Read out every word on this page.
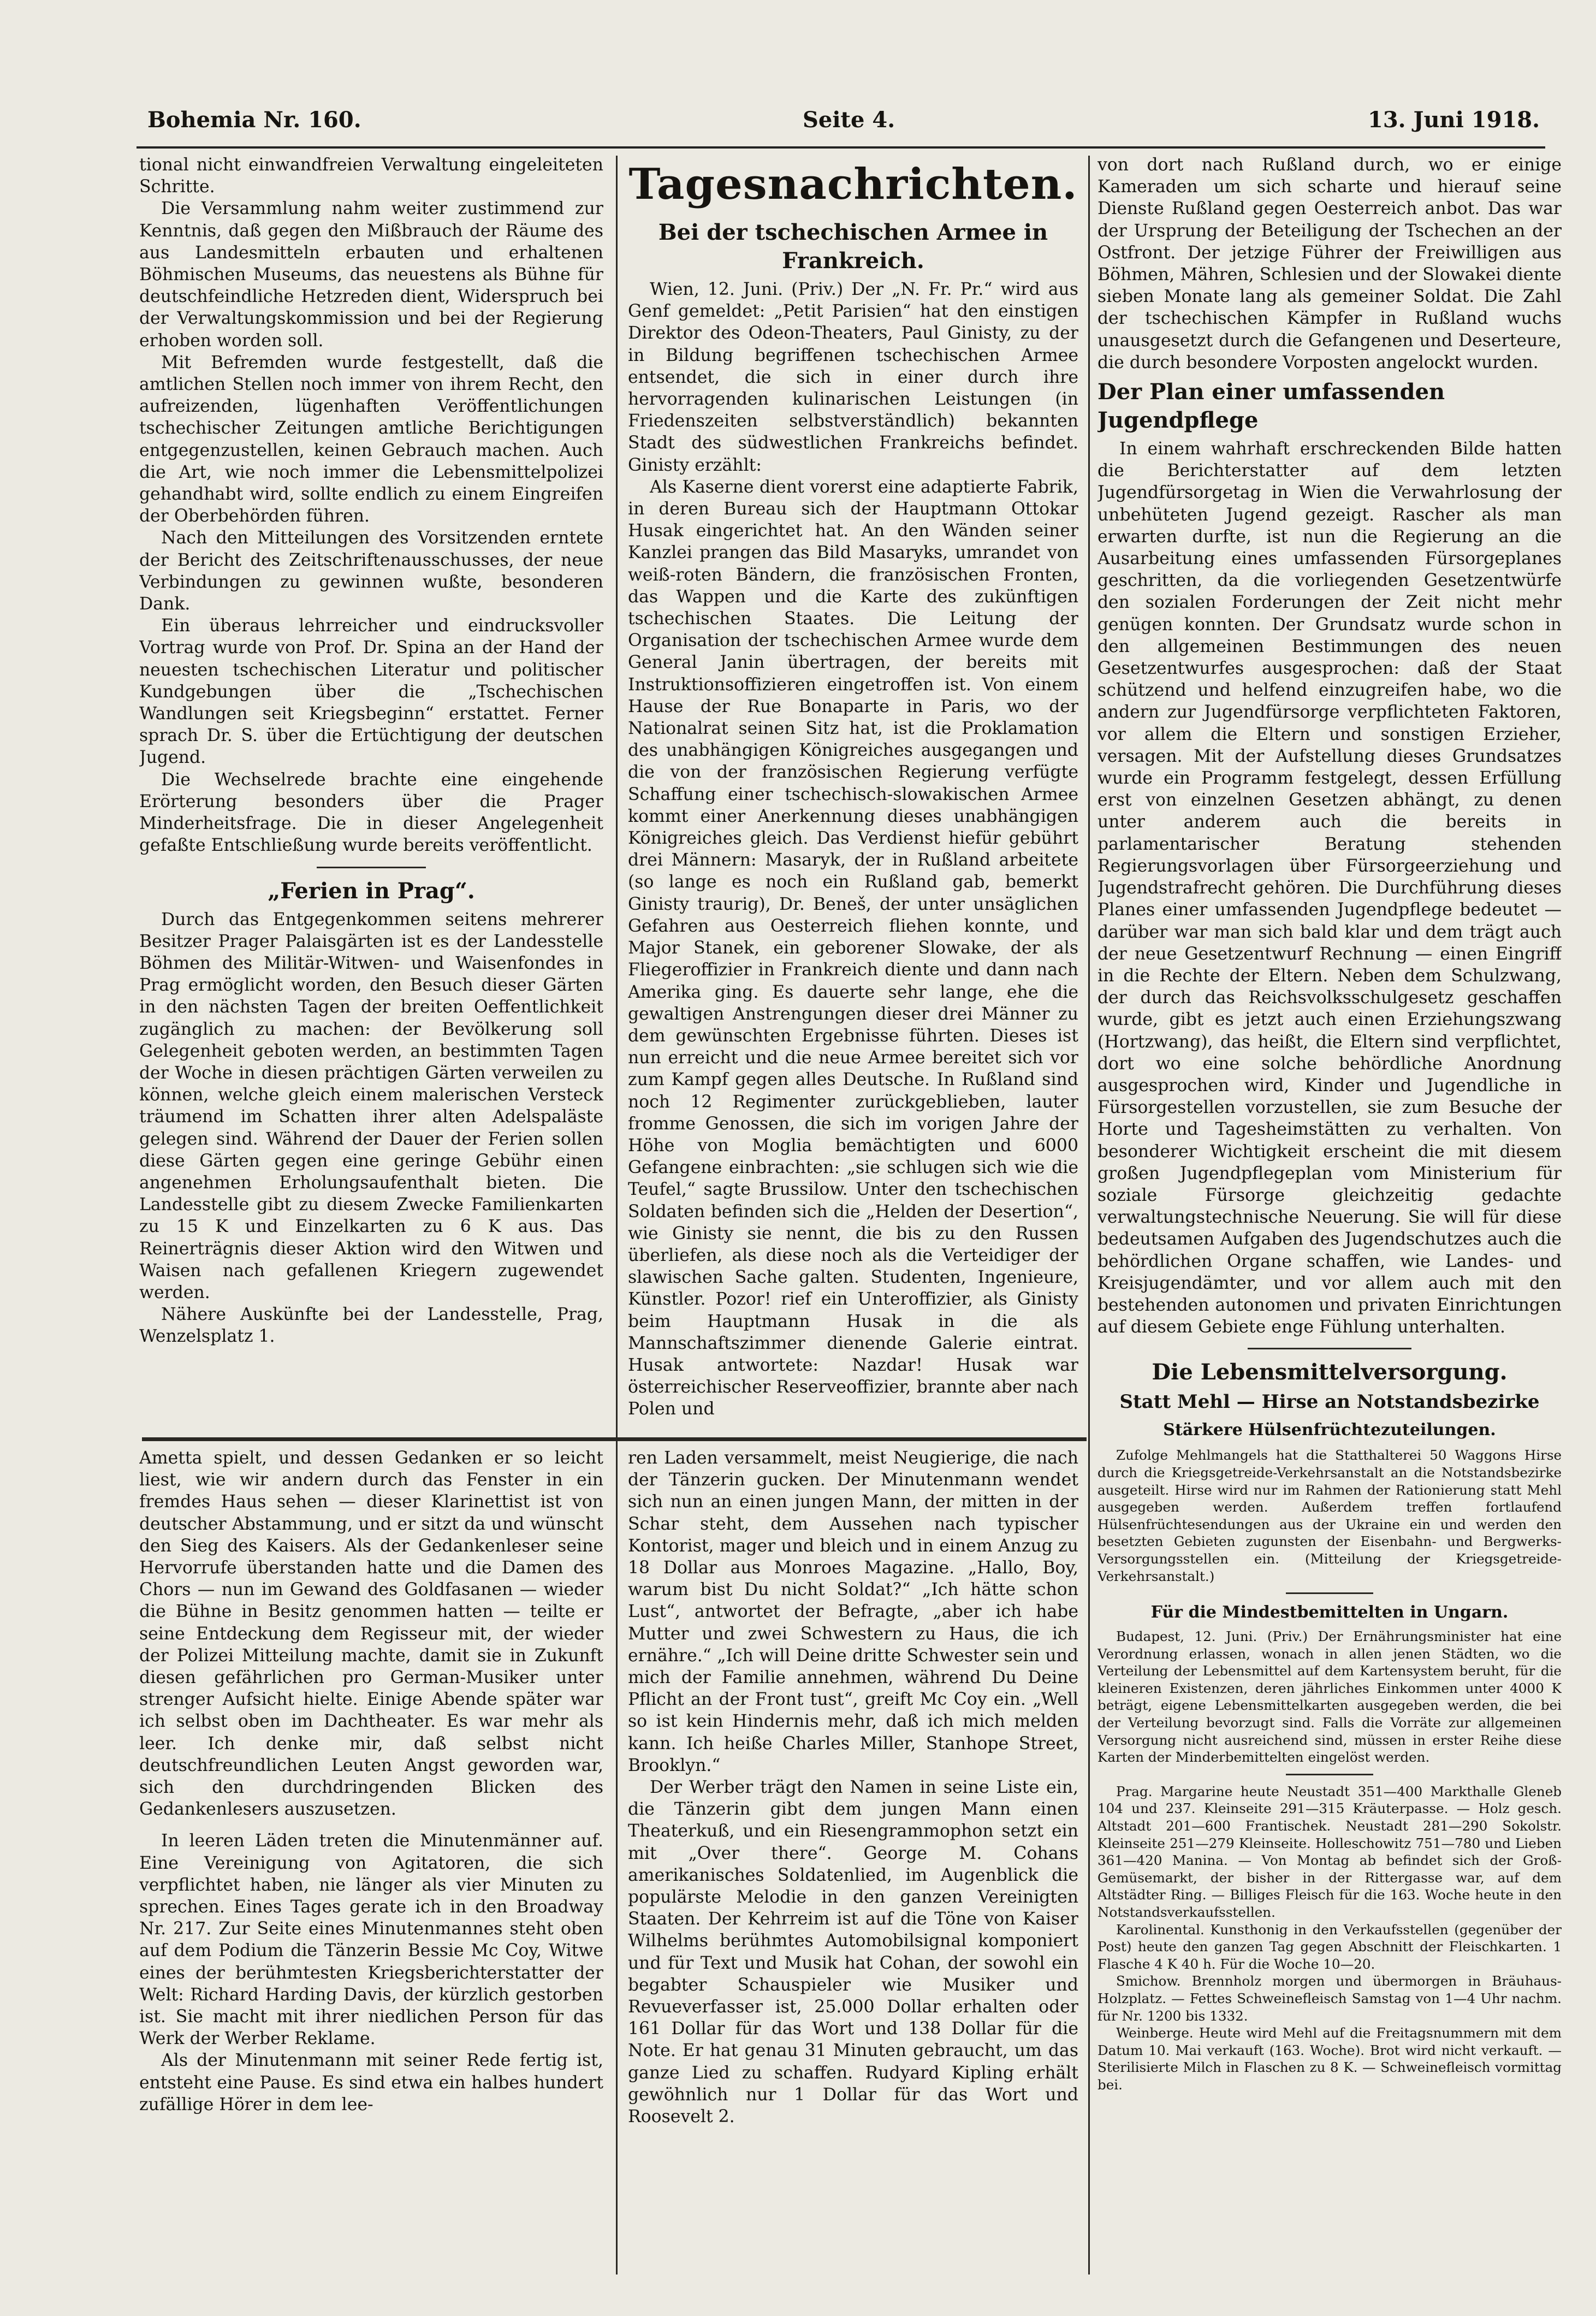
Bohemia Nr. 160.	Seite 4.	13. Juni 1918.

tional nicht einwandfreien Verwaltung eingeleiteten Schritte.

Die Versammlung nahm weiter zustimmend zur Kenntnis, daß gegen den Mißbrauch der Räume des aus Landesmitteln erbauten und erhaltenen Böhmischen Museums, das neuestens als Bühne für deutschfeindliche Hetzreden dient, Widerspruch bei der Verwaltungskommission und bei der Regierung erhoben worden soll.

Mit Befremden wurde festgestellt, daß die amtlichen Stellen noch immer von ihrem Recht, den aufreizenden, lügenhaften Veröffentlichungen tschechischer Zeitungen amtliche Berichtigungen entgegenzustellen, keinen Gebrauch machen. Auch die Art, wie noch immer die Lebensmittelpolizei gehandhabt wird, sollte endlich zu einem Eingreifen der Oberbehörden führen.

Nach den Mitteilungen des Vorsitzenden erntete der Bericht des Zeitschriftenausschusses, der neue Verbindungen zu gewinnen wußte, besonderen Dank.

Ein überaus lehrreicher und eindrucksvoller Vortrag wurde von Prof. Dr. Spina an der Hand der neuesten tschechischen Literatur und politischer Kundgebungen über die „Tschechischen Wandlungen seit Kriegsbeginn“ erstattet. Ferner sprach Dr. S. über die Ertüchtigung der deutschen Jugend.

Die Wechselrede brachte eine eingehende Erörterung besonders über die Prager Minderheitsfrage. Die in dieser Angelegenheit gefaßte Entschließung wurde bereits veröffentlicht.

„Ferien in Prag“.

Durch das Entgegenkommen seitens mehrerer Besitzer Prager Palaisgärten ist es der Landesstelle Böhmen des Militär-Witwen- und Waisenfondes in Prag ermöglicht worden, den Besuch dieser Gärten in den nächsten Tagen der breiten Oeffentlichkeit zugänglich zu machen: der Bevölkerung soll Gelegenheit geboten werden, an bestimmten Tagen der Woche in diesen prächtigen Gärten verweilen zu können, welche gleich einem malerischen Versteck träumend im Schatten ihrer alten Adelspaläste gelegen sind. Während der Dauer der Ferien sollen diese Gärten gegen eine geringe Gebühr einen angenehmen Erholungsaufenthalt bieten. Die Landesstelle gibt zu diesem Zwecke Familienkarten zu 15 K und Einzelkarten zu 6 K aus. Das Reinerträgnis dieser Aktion wird den Witwen und Waisen nach gefallenen Kriegern zugewendet werden.

Nähere Auskünfte bei der Landesstelle, Prag, Wenzelsplatz 1.

Ametta spielt, und dessen Gedanken er so leicht liest, wie wir andern durch das Fenster in ein fremdes Haus sehen — dieser Klarinettist ist von deutscher Abstammung, und er sitzt da und wünscht den Sieg des Kaisers. Als der Gedankenleser seine Hervorrufe überstanden hatte und die Damen des Chors — nun im Gewand des Goldfasanen — wieder die Bühne in Besitz genommen hatten — teilte er seine Entdeckung dem Regisseur mit, der wieder der Polizei Mitteilung machte, damit sie in Zukunft diesen gefährlichen pro German-Musiker unter strenger Aufsicht hielte. Einige Abende später war ich selbst oben im Dachtheater. Es war mehr als leer. Ich denke mir, daß selbst nicht deutschfreundlichen Leuten Angst geworden war, sich den durchdringenden Blicken des Gedankenlesers auszusetzen.

In leeren Läden treten die Minutenmänner auf. Eine Vereinigung von Agitatoren, die sich verpflichtet haben, nie länger als vier Minuten zu sprechen. Eines Tages gerate ich in den Broadway Nr. 217. Zur Seite eines Minutenmannes steht oben auf dem Podium die Tänzerin Bessie Mc Coy, Witwe eines der berühmtesten Kriegsberichterstatter der Welt: Richard Harding Davis, der kürzlich gestorben ist. Sie macht mit ihrer niedlichen Person für das Werk der Werber Reklame.

Als der Minutenmann mit seiner Rede fertig ist, entsteht eine Pause. Es sind etwa ein halbes hundert zufällige Hörer in dem lee-

Tagesnachrichten.
Bei der tschechischen Armee in Frankreich.

Wien, 12. Juni. (Priv.) Der „N. Fr. Pr.“ wird aus Genf gemeldet: „Petit Parisien“ hat den einstigen Direktor des Odeon-Theaters, Paul Ginisty, zu der in Bildung begriffenen tschechischen Armee entsendet, die sich in einer durch ihre hervorragenden kulinarischen Leistungen (in Friedenszeiten selbstverständlich) bekannten Stadt des südwestlichen Frankreichs befindet. Ginisty erzählt:

Als Kaserne dient vorerst eine adaptierte Fabrik, in deren Bureau sich der Hauptmann Ottokar Husak eingerichtet hat. An den Wänden seiner Kanzlei prangen das Bild Masaryks, umrandet von weiß-roten Bändern, die französischen Fronten, das Wappen und die Karte des zukünftigen tschechischen Staates. Die Leitung der Organisation der tschechischen Armee wurde dem General Janin übertragen, der bereits mit Instruktionsoffizieren eingetroffen ist. Von einem Hause der Rue Bonaparte in Paris, wo der Nationalrat seinen Sitz hat, ist die Proklamation des unabhängigen Königreiches ausgegangen und die von der französischen Regierung verfügte Schaffung einer tschechisch-slowakischen Armee kommt einer Anerkennung dieses unabhängigen Königreiches gleich. Das Verdienst hiefür gebührt drei Männern: Masaryk, der in Rußland arbeitete (so lange es noch ein Rußland gab, bemerkt Ginisty traurig), Dr. Beneš, der unter unsäglichen Gefahren aus Oesterreich fliehen konnte, und Major Stanek, ein geborener Slowake, der als Fliegeroffizier in Frankreich diente und dann nach Amerika ging. Es dauerte sehr lange, ehe die gewaltigen Anstrengungen dieser drei Männer zu dem gewünschten Ergebnisse führten. Dieses ist nun erreicht und die neue Armee bereitet sich vor zum Kampf gegen alles Deutsche. In Rußland sind noch 12 Regimenter zurückgeblieben, lauter fromme Genossen, die sich im vorigen Jahre der Höhe von Moglia bemächtigten und 6000 Gefangene einbrachten: „sie schlugen sich wie die Teufel,“ sagte Brussilow. Unter den tschechischen Soldaten befinden sich die „Helden der Desertion“, wie Ginisty sie nennt, die bis zu den Russen überliefen, als diese noch als die Verteidiger der slawischen Sache galten. Studenten, Ingenieure, Künstler. Pozor! rief ein Unteroffizier, als Ginisty beim Hauptmann Husak in die als Mannschaftszimmer dienende Galerie eintrat. Husak antwortete: Nazdar! Husak war österreichischer Reserveoffizier, brannte aber nach Polen und

ren Laden versammelt, meist Neugierige, die nach der Tänzerin gucken. Der Minutenmann wendet sich nun an einen jungen Mann, der mitten in der Schar steht, dem Aussehen nach typischer Kontorist, mager und bleich und in einem Anzug zu 18 Dollar aus Monroes Magazine. „Hallo, Boy, warum bist Du nicht Soldat?“ „Ich hätte schon Lust“, antwortet der Befragte, „aber ich habe Mutter und zwei Schwestern zu Haus, die ich ernähre.“ „Ich will Deine dritte Schwester sein und mich der Familie annehmen, während Du Deine Pflicht an der Front tust“, greift Mc Coy ein. „Well so ist kein Hindernis mehr, daß ich mich melden kann. Ich heiße Charles Miller, Stanhope Street, Brooklyn.“

Der Werber trägt den Namen in seine Liste ein, die Tänzerin gibt dem jungen Mann einen Theaterkuß, und ein Riesengrammophon setzt ein mit „Over there“. George M. Cohans amerikanisches Soldatenlied, im Augenblick die populärste Melodie in den ganzen Vereinigten Staaten. Der Kehrreim ist auf die Töne von Kaiser Wilhelms berühmtes Automobilsignal komponiert und für Text und Musik hat Cohan, der sowohl ein begabter Schauspieler wie Musiker und Revueverfasser ist, 25.000 Dollar erhalten oder 161 Dollar für das Wort und 138 Dollar für die Note. Er hat genau 31 Minuten gebraucht, um das ganze Lied zu schaffen. Rudyard Kipling erhält gewöhnlich nur 1 Dollar für das Wort und Roosevelt 2.

von dort nach Rußland durch, wo er einige Kameraden um sich scharte und hierauf seine Dienste Rußland gegen Oesterreich anbot. Das war der Ursprung der Beteiligung der Tschechen an der Ostfront. Der jetzige Führer der Freiwilligen aus Böhmen, Mähren, Schlesien und der Slowakei diente sieben Monate lang als gemeiner Soldat. Die Zahl der tschechischen Kämpfer in Rußland wuchs unausgesetzt durch die Gefangenen und Deserteure, die durch besondere Vorposten angelockt wurden.

Der Plan einer umfassenden Jugendpflege

In einem wahrhaft erschreckenden Bilde hatten die Berichterstatter auf dem letzten Jugendfürsorgetag in Wien die Verwahrlosung der unbehüteten Jugend gezeigt. Rascher als man erwarten durfte, ist nun die Regierung an die Ausarbeitung eines umfassenden Fürsorgeplanes geschritten, da die vorliegenden Gesetzentwürfe den sozialen Forderungen der Zeit nicht mehr genügen konnten. Der Grundsatz wurde schon in den allgemeinen Bestimmungen des neuen Gesetzentwurfes ausgesprochen: daß der Staat schützend und helfend einzugreifen habe, wo die andern zur Jugendfürsorge verpflichteten Faktoren, vor allem die Eltern und sonstigen Erzieher, versagen. Mit der Aufstellung dieses Grundsatzes wurde ein Programm festgelegt, dessen Erfüllung erst von einzelnen Gesetzen abhängt, zu denen unter anderem auch die bereits in parlamentarischer Beratung stehenden Regierungsvorlagen über Fürsorgeerziehung und Jugendstrafrecht gehören. Die Durchführung dieses Planes einer umfassenden Jugendpflege bedeutet — darüber war man sich bald klar und dem trägt auch der neue Gesetzentwurf Rechnung — einen Eingriff in die Rechte der Eltern. Neben dem Schulzwang, der durch das Reichsvolksschulgesetz geschaffen wurde, gibt es jetzt auch einen Erziehungszwang (Hortzwang), das heißt, die Eltern sind verpflichtet, dort wo eine solche behördliche Anordnung ausgesprochen wird, Kinder und Jugendliche in Fürsorgestellen vorzustellen, sie zum Besuche der Horte und Tagesheimstätten zu verhalten. Von besonderer Wichtigkeit erscheint die mit diesem großen Jugendpflegeplan vom Ministerium für soziale Fürsorge gleichzeitig gedachte verwaltungstechnische Neuerung. Sie will für diese bedeutsamen Aufgaben des Jugendschutzes auch die behördlichen Organe schaffen, wie Landes- und Kreisjugendämter, und vor allem auch mit den bestehenden autonomen und privaten Einrichtungen auf diesem Gebiete enge Fühlung unterhalten.

Die Lebensmittelversorgung.
Statt Mehl — Hirse an Notstandsbezirke
Stärkere Hülsenfrüchtezuteilungen.

Zufolge Mehlmangels hat die Statthalterei 50 Waggons Hirse durch die Kriegsgetreide-Verkehrsanstalt an die Notstandsbezirke ausgeteilt. Hirse wird nur im Rahmen der Rationierung statt Mehl ausgegeben werden. Außerdem treffen fortlaufend Hülsenfrüchtesendungen aus der Ukraine ein und werden den besetzten Gebieten zugunsten der Eisenbahn- und Bergwerks-Versorgungsstellen ein. (Mitteilung der Kriegsgetreide-Verkehrsanstalt.)

Für die Mindestbemittelten in Ungarn.

Budapest, 12. Juni. (Priv.) Der Ernährungsminister hat eine Verordnung erlassen, wonach in allen jenen Städten, wo die Verteilung der Lebensmittel auf dem Kartensystem beruht, für die kleineren Existenzen, deren jährliches Einkommen unter 4000 K beträgt, eigene Lebensmittelkarten ausgegeben werden, die bei der Verteilung bevorzugt sind. Falls die Vorräte zur allgemeinen Versorgung nicht ausreichend sind, müssen in erster Reihe diese Karten der Minderbemittelten eingelöst werden.

Prag. Margarine heute Neustadt 351—400 Markthalle Gleneb 104 und 237. Kleinseite 291—315 Kräuterpasse. — Holz gesch. Altstadt 201—600 Frantischek. Neustadt 281—290 Sokolstr. Kleinseite 251—279 Kleinseite. Holleschowitz 751—780 und Lieben 361—420 Manina. — Von Montag ab befindet sich der Groß-Gemüsemarkt, der bisher in der Rittergasse war, auf dem Altstädter Ring. — Billiges Fleisch für die 163. Woche heute in den Notstandsverkaufsstellen.

Karolinental. Kunsthonig in den Verkaufsstellen (gegenüber der Post) heute den ganzen Tag gegen Abschnitt der Fleischkarten. 1 Flasche 4 K 40 h. Für die Woche 10—20.

Smichow. Brennholz morgen und übermorgen in Bräuhaus-Holzplatz. — Fettes Schweinefleisch Samstag von 1—4 Uhr nachm. für Nr. 1200 bis 1332.

Weinberge. Heute wird Mehl auf die Freitagsnummern mit dem Datum 10. Mai verkauft (163. Woche). Brot wird nicht verkauft. — Sterilisierte Milch in Flaschen zu 8 K. — Schweinefleisch vormittag bei.
